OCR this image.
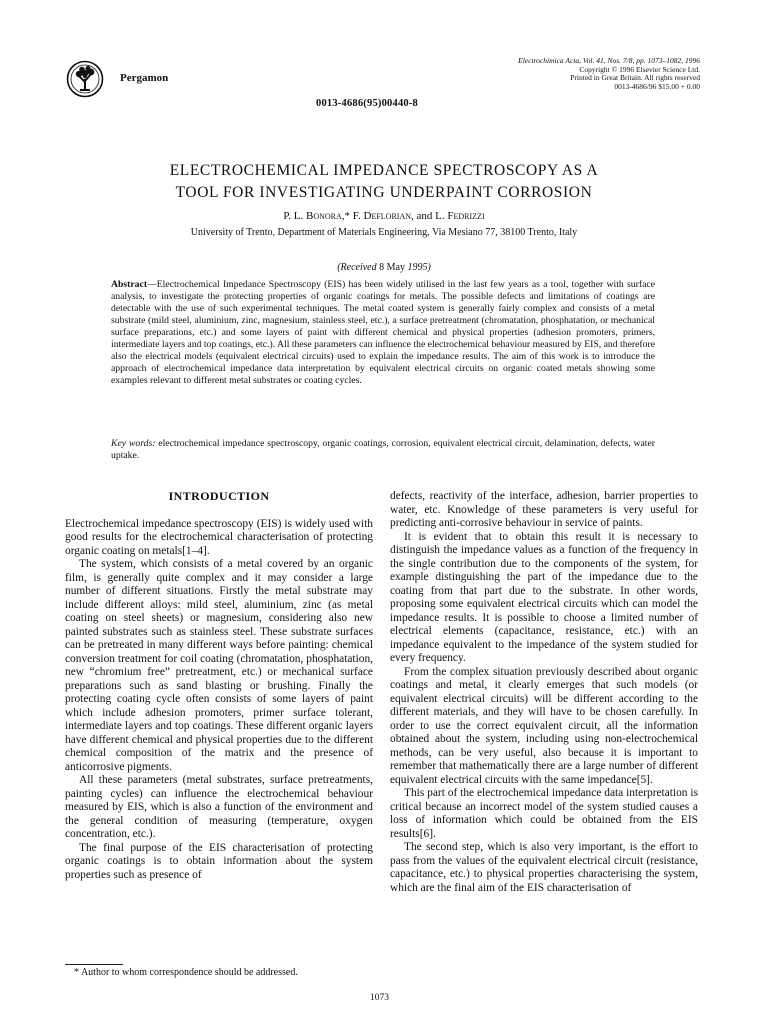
Pergamon
Electrochimica Acta, Vol. 41, Nos. 7/8, pp. 1073–1082, 1996
Copyright © 1996 Elsevier Science Ltd.
Printed in Great Britain. All rights reserved
0013-4686/96 $15.00 + 0.00
0013-4686(95)00440-8
ELECTROCHEMICAL IMPEDANCE SPECTROSCOPY AS A
TOOL FOR INVESTIGATING UNDERPAINT CORROSION
P. L. Bonora,* F. Deflorian, and L. Fedrizzi
University of Trento, Department of Materials Engineering, Via Mesiano 77, 38100 Trento, Italy
(Received 8 May 1995)
Abstract—Electrochemical Impedance Spectroscopy (EIS) has been widely utilised in the last few years as a tool, together with surface analysis, to investigate the protecting properties of organic coatings for metals. The possible defects and limitations of coatings are detectable with the use of such experimental techniques. The metal coated system is generally fairly complex and consists of a metal substrate (mild steel, aluminium, zinc, magnesium, stainless steel, etc.), a surface pretreatment (chromatation, phosphatation, or mechanical surface preparations, etc.) and some layers of paint with different chemical and physical properties (adhesion promoters, primers, intermediate layers and top coatings, etc.). All these parameters can influence the electrochemical behaviour measured by EIS, and therefore also the electrical models (equivalent electrical circuits) used to explain the impedance results. The aim of this work is to introduce the approach of electrochemical impedance data interpretation by equivalent electrical circuits on organic coated metals showing some examples relevant to different metal substrates or coating cycles.
Key words: electrochemical impedance spectroscopy, organic coatings, corrosion, equivalent electrical circuit, delamination, defects, water uptake.
INTRODUCTION

Electrochemical impedance spectroscopy (EIS) is widely used with good results for the electrochemical characterisation of protecting organic coating on metals[1–4].

The system, which consists of a metal covered by an organic film, is generally quite complex and it may consider a large number of different situations. Firstly the metal substrate may include different alloys: mild steel, aluminium, zinc (as metal coating on steel sheets) or magnesium, considering also new painted substrates such as stainless steel. These substrate surfaces can be pretreated in many different ways before painting: chemical conversion treatment for coil coating (chromatation, phosphatation, new “chromium free” pretreatment, etc.) or mechanical surface preparations such as sand blasting or brushing. Finally the protecting coating cycle often consists of some layers of paint which include adhesion promoters, primer surface tolerant, intermediate layers and top coatings. These different organic layers have different chemical and physical properties due to the different chemical composition of the matrix and the presence of anticorrosive pigments.

All these parameters (metal substrates, surface pretreatments, painting cycles) can influence the electrochemical behaviour measured by EIS, which is also a function of the environment and the general condition of measuring (temperature, oxygen concentration, etc.).

The final purpose of the EIS characterisation of protecting organic coatings is to obtain information about the system properties such as presence of

defects, reactivity of the interface, adhesion, barrier properties to water, etc. Knowledge of these parameters is very useful for predicting anti-corrosive behaviour in service of paints.

It is evident that to obtain this result it is necessary to distinguish the impedance values as a function of the frequency in the single contribution due to the components of the system, for example distinguishing the part of the impedance due to the coating from that part due to the substrate. In other words, proposing some equivalent electrical circuits which can model the impedance results. It is possible to choose a limited number of electrical elements (capacitance, resistance, etc.) with an impedance equivalent to the impedance of the system studied for every frequency.

From the complex situation previously described about organic coatings and metal, it clearly emerges that such models (or equivalent electrical circuits) will be different according to the different materials, and they will have to be chosen carefully. In order to use the correct equivalent circuit, all the information obtained about the system, including using non-electrochemical methods, can be very useful, also because it is important to remember that mathematically there are a large number of different equivalent electrical circuits with the same impedance[5].

This part of the electrochemical impedance data interpretation is critical because an incorrect model of the system studied causes a loss of information which could be obtained from the EIS results[6].

The second step, which is also very important, is the effort to pass from the values of the equivalent electrical circuit (resistance, capacitance, etc.) to physical properties characterising the system, which are the final aim of the EIS characterisation of

* Author to whom correspondence should be addressed.
1073
